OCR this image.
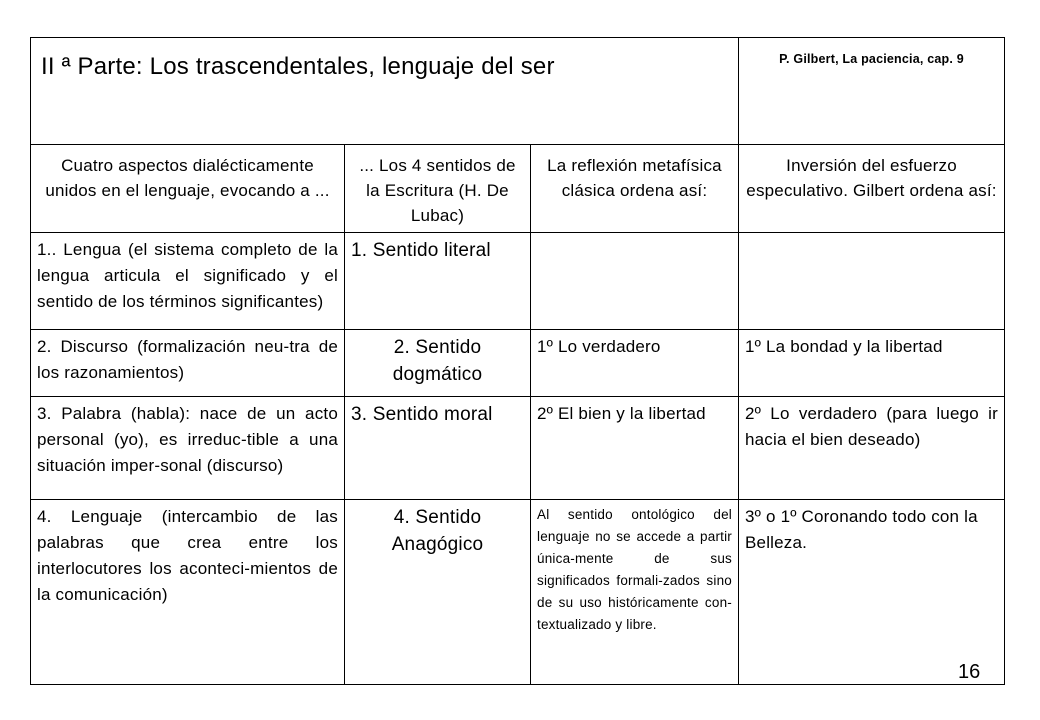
II ª Parte: Los trascendentales, lenguaje del ser			P. Gilbert, La paciencia, cap. 9

Cuatro aspectos dialécticamente unidos en el lenguaje, evocando a ...	... Los 4 sentidos de la Escritura (H. De Lubac)	La reflexión metafísica clásica ordena así:	Inversión del esfuerzo especulativo. Gilbert ordena así:
1.. Lengua (el sistema completo de la lengua articula el significado y el sentido de los términos significantes)	1. Sentido literal		
2. Discurso (formalización neu-tra de los razonamientos)	2. Sentido dogmático	1º Lo verdadero	1º La bondad y la libertad
3. Palabra (habla): nace de un acto personal (yo), es irreduc-tible a una situación imper-sonal (discurso)	3. Sentido moral	2º El bien y la libertad	2º Lo verdadero (para luego ir hacia el bien deseado)
4. Lenguaje (intercambio de las palabras que crea entre los interlocutores los aconteci-mientos de la comunicación)	4. Sentido Anagógico	Al sentido ontológico del lenguaje no se accede a partir única-mente de sus significados formali-zados sino de su uso históricamente con-textualizado y libre.	3º o 1º Coronando todo con la Belleza.
16
